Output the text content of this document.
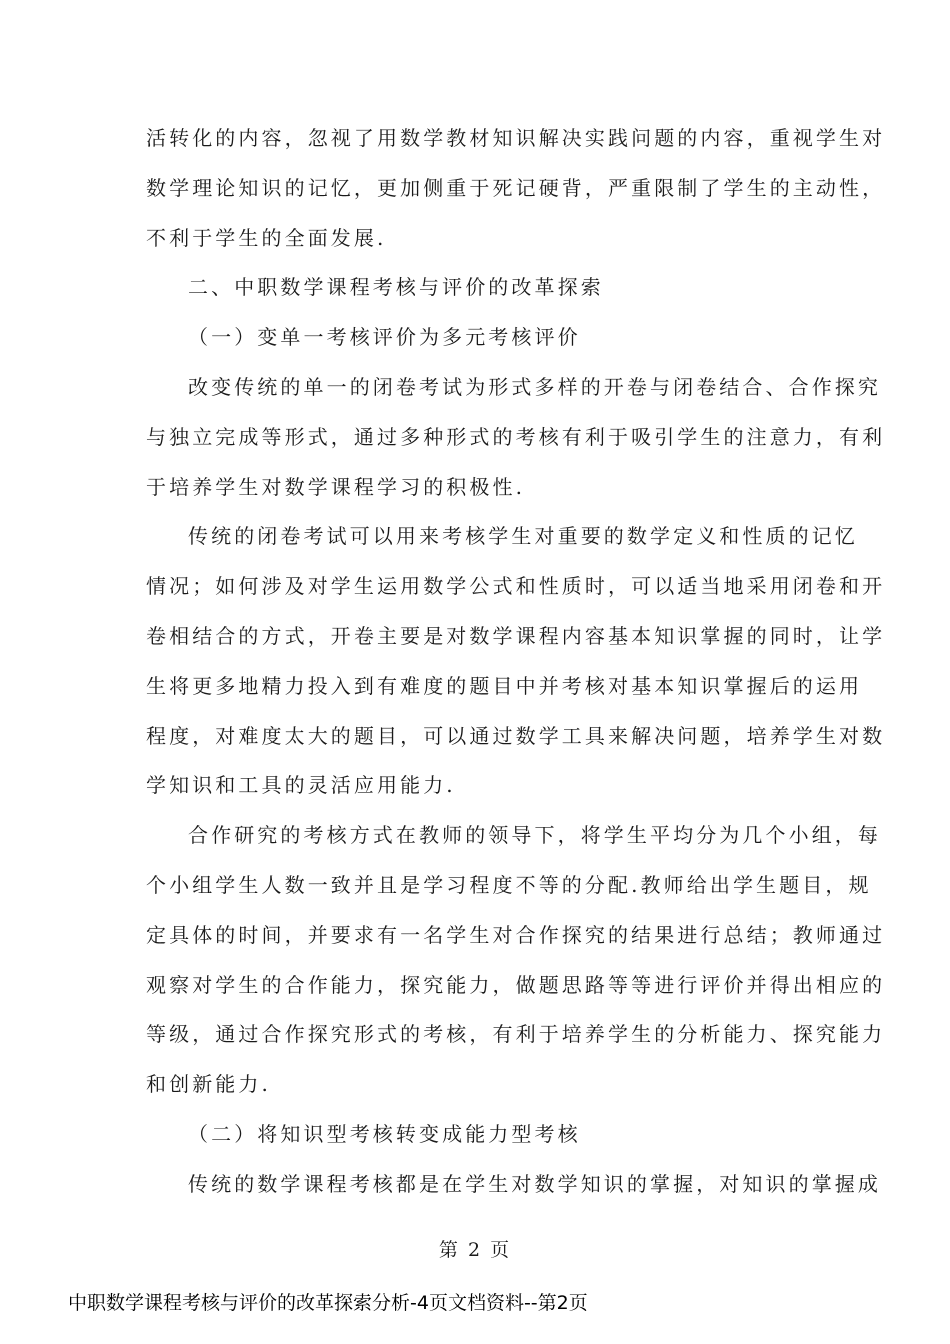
活转化的内容，忽视了用数学教材知识解决实践问题的内容，重视学生对
数学理论知识的记忆，更加侧重于死记硬背，严重限制了学生的主动性，
不利于学生的全面发展.
二、中职数学课程考核与评价的改革探索
（一）变单一考核评价为多元考核评价
改变传统的单一的闭卷考试为形式多样的开卷与闭卷结合、合作探究
与独立完成等形式，通过多种形式的考核有利于吸引学生的注意力，有利
于培养学生对数学课程学习的积极性.
传统的闭卷考试可以用来考核学生对重要的数学定义和性质的记忆
情况；如何涉及对学生运用数学公式和性质时，可以适当地采用闭卷和开
卷相结合的方式，开卷主要是对数学课程内容基本知识掌握的同时，让学
生将更多地精力投入到有难度的题目中并考核对基本知识掌握后的运用
程度，对难度太大的题目，可以通过数学工具来解决问题，培养学生对数
学知识和工具的灵活应用能力.
合作研究的考核方式在教师的领导下，将学生平均分为几个小组，每
个小组学生人数一致并且是学习程度不等的分配.教师给出学生题目，规
定具体的时间，并要求有一名学生对合作探究的结果进行总结；教师通过
观察对学生的合作能力，探究能力，做题思路等等进行评价并得出相应的
等级，通过合作探究形式的考核，有利于培养学生的分析能力、探究能力
和创新能力.
（二）将知识型考核转变成能力型考核
传统的数学课程考核都是在学生对数学知识的掌握，对知识的掌握成
第 2 页
中职数学课程考核与评价的改革探索分析-4页文档资料--第2页
